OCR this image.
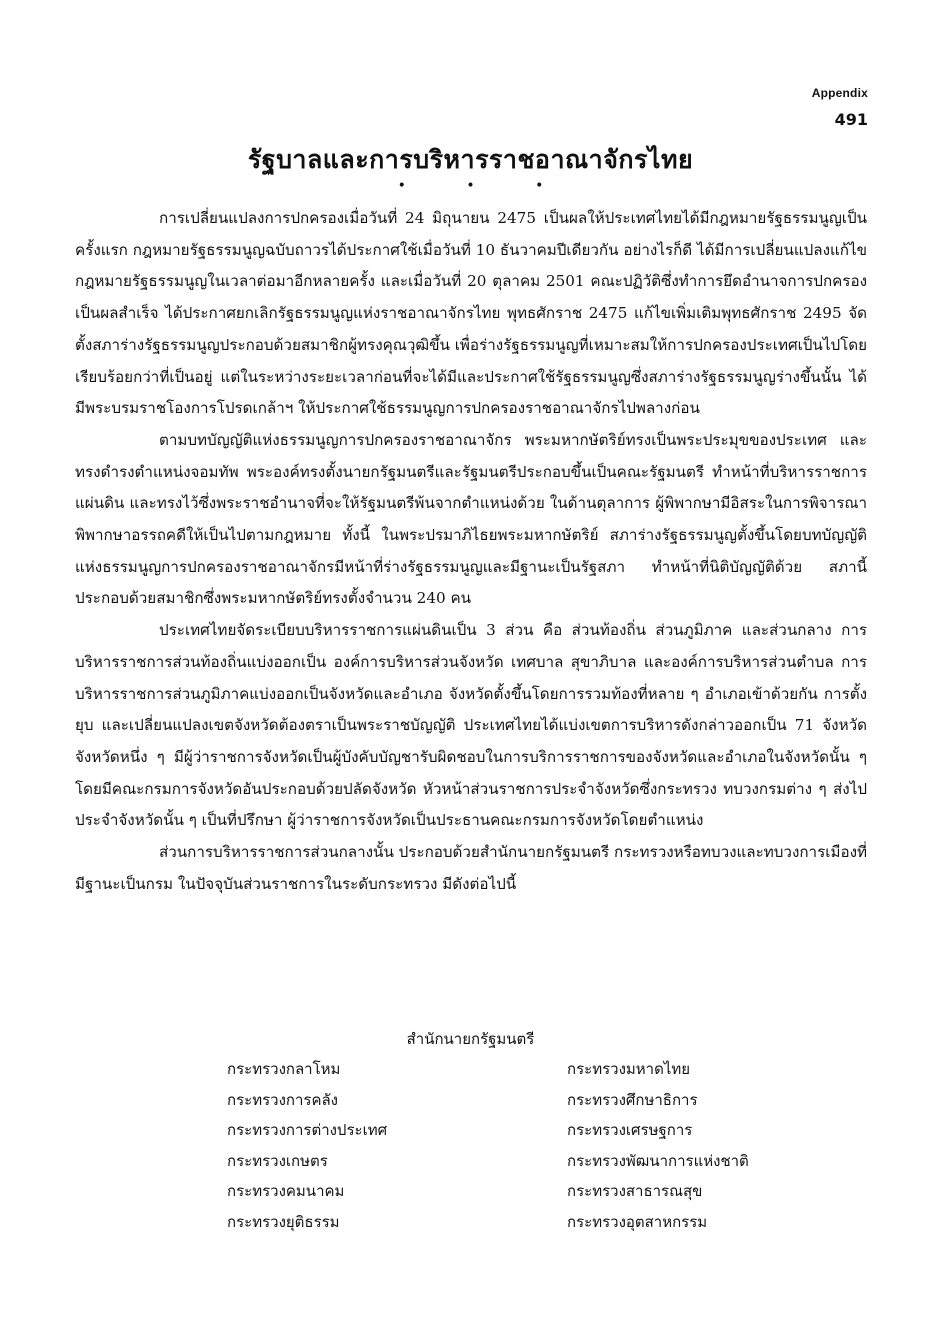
Appendix
491
รัฐบาลและการบริหารราชอาณาจักรไทย
• • •

การเปลี่ยนแปลงการปกครองเมื่อวันที่ 24 มิถุนายน 2475 เป็นผลให้ประเทศไทยได้มีกฎหมายรัฐธรรมนูญเป็นครั้งแรก กฎหมายรัฐธรรมนูญฉบับถาวรได้ประกาศใช้เมื่อวันที่ 10 ธันวาคมปีเดียวกัน อย่างไรก็ดี ได้มีการเปลี่ยนแปลงแก้ไขกฎหมายรัฐธรรมนูญในเวลาต่อมาอีกหลายครั้ง และเมื่อวันที่ 20 ตุลาคม 2501 คณะปฏิวัติซึ่งทำการยึดอำนาจการปกครองเป็นผลสำเร็จ ได้ประกาศยกเลิกรัฐธรรมนูญแห่งราชอาณาจักรไทย พุทธศักราช 2475 แก้ไขเพิ่มเติมพุทธศักราช 2495 จัดตั้งสภาร่างรัฐธรรมนูญประกอบด้วยสมาชิกผู้ทรงคุณวุฒิขึ้น เพื่อร่างรัฐธรรมนูญที่เหมาะสมให้การปกครองประเทศเป็นไปโดยเรียบร้อยกว่าที่เป็นอยู่ แต่ในระหว่างระยะเวลาก่อนที่จะได้มีและประกาศใช้รัฐธรรมนูญซึ่งสภาร่างรัฐธรรมนูญร่างขึ้นนั้น ได้มีพระบรมราชโองการโปรดเกล้าฯ ให้ประกาศใช้ธรรมนูญการปกครองราชอาณาจักรไปพลางก่อน

ตามบทบัญญัติแห่งธรรมนูญการปกครองราชอาณาจักร พระมหากษัตริย์ทรงเป็นพระประมุขของประเทศ และทรงดำรงตำแหน่งจอมทัพ พระองค์ทรงตั้งนายกรัฐมนตรีและรัฐมนตรีประกอบขึ้นเป็นคณะรัฐมนตรี ทำหน้าที่บริหารราชการแผ่นดิน และทรงไว้ซึ่งพระราชอำนาจที่จะให้รัฐมนตรีพ้นจากตำแหน่งด้วย ในด้านตุลาการ ผู้พิพากษามีอิสระในการพิจารณาพิพากษาอรรถคดีให้เป็นไปตามกฎหมาย ทั้งนี้ ในพระปรมาภิไธยพระมหากษัตริย์ สภาร่างรัฐธรรมนูญตั้งขึ้นโดยบทบัญญัติแห่งธรรมนูญการปกครองราชอาณาจักรมีหน้าที่ร่างรัฐธรรมนูญและมีฐานะเป็นรัฐสภา ทำหน้าที่นิติบัญญัติด้วย สภานี้ประกอบด้วยสมาชิกซึ่งพระมหากษัตริย์ทรงตั้งจำนวน 240 คน

ประเทศไทยจัดระเบียบบริหารราชการแผ่นดินเป็น 3 ส่วน คือ ส่วนท้องถิ่น ส่วนภูมิภาค และส่วนกลาง การบริหารราชการส่วนท้องถิ่นแบ่งออกเป็น องค์การบริหารส่วนจังหวัด เทศบาล สุขาภิบาล และองค์การบริหารส่วนตำบล การบริหารราชการส่วนภูมิภาคแบ่งออกเป็นจังหวัดและอำเภอ จังหวัดตั้งขึ้นโดยการรวมท้องที่หลาย ๆ อำเภอเข้าด้วยกัน การตั้ง ยุบ และเปลี่ยนแปลงเขตจังหวัดต้องตราเป็นพระราชบัญญัติ ประเทศไทยได้แบ่งเขตการบริหารดังกล่าวออกเป็น 71 จังหวัด จังหวัดหนึ่ง ๆ มีผู้ว่าราชการจังหวัดเป็นผู้บังคับบัญชารับผิดชอบในการบริการราชการของจังหวัดและอำเภอในจังหวัดนั้น ๆ โดยมีคณะกรมการจังหวัดอันประกอบด้วยปลัดจังหวัด หัวหน้าส่วนราชการประจำจังหวัดซึ่งกระทรวง ทบวงกรมต่าง ๆ ส่งไปประจำจังหวัดนั้น ๆ เป็นที่ปรึกษา ผู้ว่าราชการจังหวัดเป็นประธานคณะกรมการจังหวัดโดยตำแหน่ง

ส่วนการบริหารราชการส่วนกลางนั้น ประกอบด้วยสำนักนายกรัฐมนตรี กระทรวงหรือทบวงและทบวงการเมืองที่มีฐานะเป็นกรม ในปัจจุบันส่วนราชการในระดับกระทรวง มีดังต่อไปนี้

สำนักนายกรัฐมนตรี
กระทรวงกลาโหม
กระทรวงการคลัง
กระทรวงการต่างประเทศ
กระทรวงเกษตร
กระทรวงคมนาคม
กระทรวงยุติธรรม
กระทรวงมหาดไทย
กระทรวงศึกษาธิการ
กระทรวงเศรษฐการ
กระทรวงพัฒนาการแห่งชาติ
กระทรวงสาธารณสุข
กระทรวงอุตสาหกรรม
